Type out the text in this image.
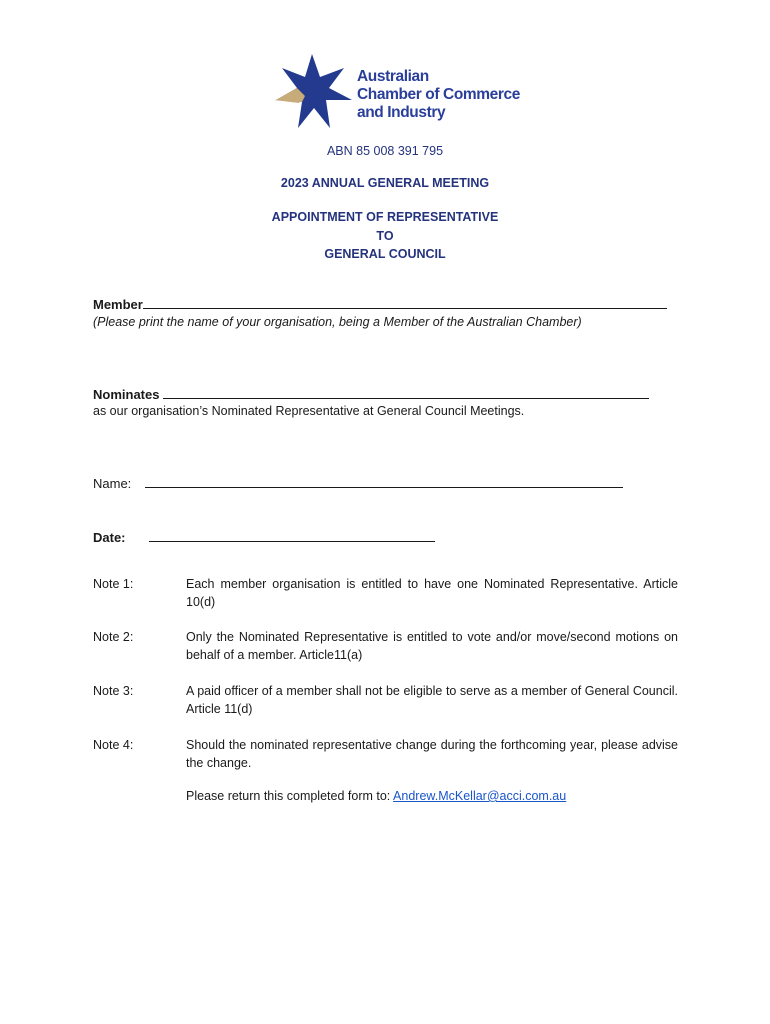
Australian
Chamber of Commerce
and Industry
ABN 85 008 391 795
2023 ANNUAL GENERAL MEETING
APPOINTMENT OF REPRESENTATIVE
TO
GENERAL COUNCIL
Member
(Please print the name of your organisation, being a Member of the Australian Chamber)
Nominates
as our organisation’s Nominated Representative at General Council Meetings.
Name:
Date:
Note 1:	Each member organisation is entitled to have one Nominated Representative. Article 10(d)
Note 2:	Only the Nominated Representative is entitled to vote and/or move/second motions on behalf of a member. Article11(a)
Note 3:	A paid officer of a member shall not be eligible to serve as a member of General Council. Article 11(d)
Note 4:	Should the nominated representative change during the forthcoming year, please advise the change.
Please return this completed form to: Andrew.McKellar@acci.com.au
